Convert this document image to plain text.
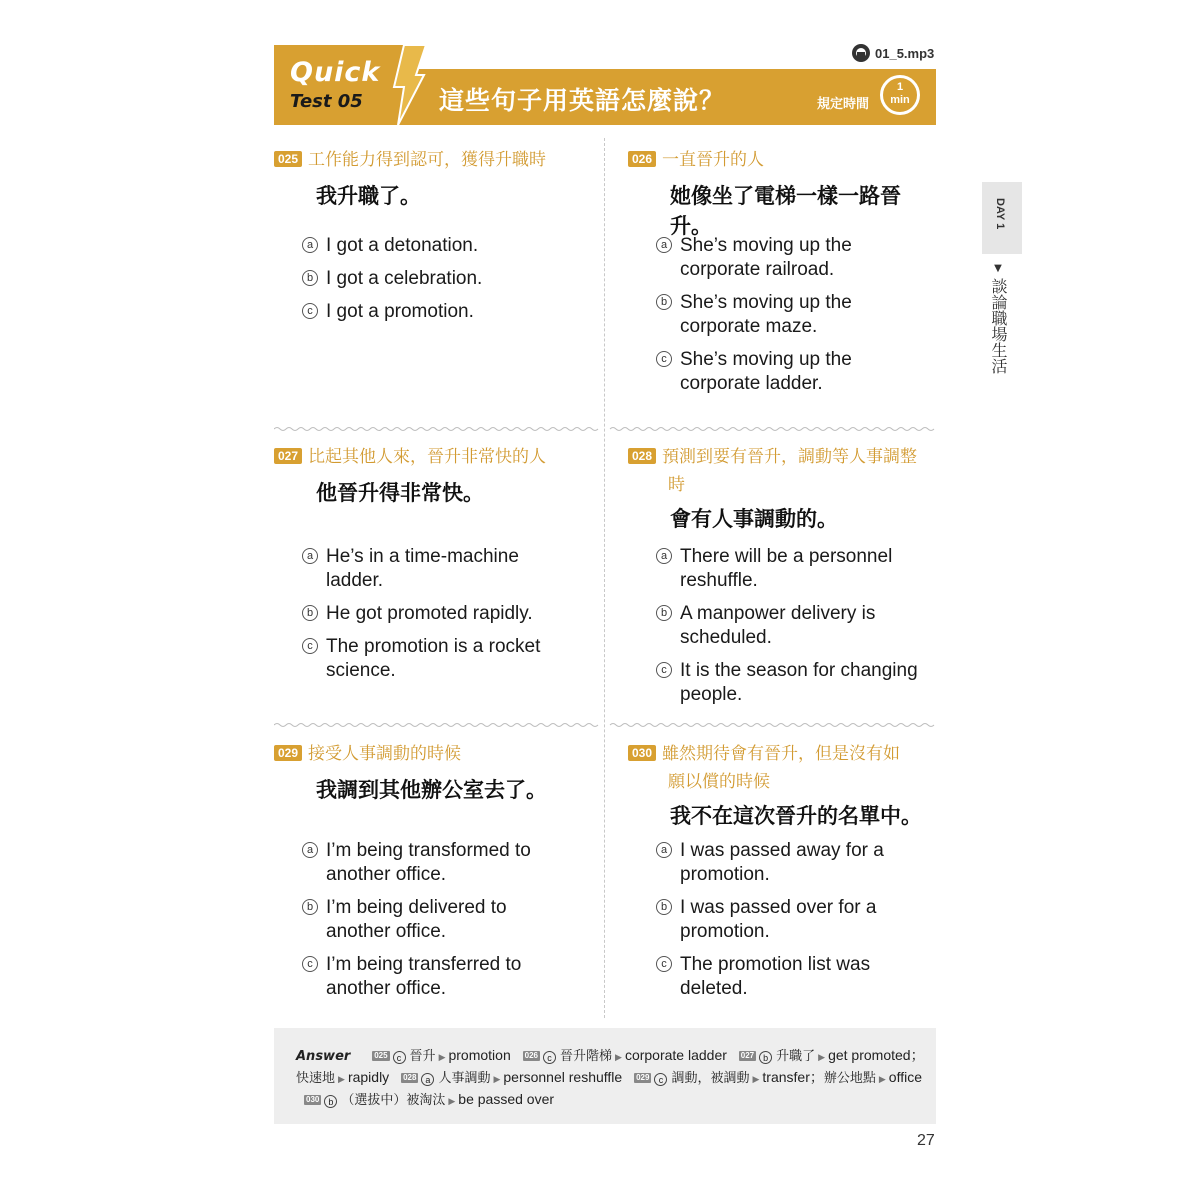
01_5.mp3
Quick
Test 05	這些句子用英語怎麼說？	規定時間
1
min
DAY 1
▼
談論職場生活
025 工作能力得到認可，獲得升職時
我升職了。
a I got a detonation.
b I got a celebration.
c I got a promotion.
026 一直晉升的人
她像坐了電梯一樣一路晉升。
a She’s moving up the
corporate railroad.
b She’s moving up the
corporate maze.
c She’s moving up the
corporate ladder.
027 比起其他人來，晉升非常快的人
他晉升得非常快。
a He’s in a time-machine
ladder.
b He got promoted rapidly.
c The promotion is a rocket
science.
028 預測到要有晉升，調動等人事調整
時
會有人事調動的。
a There will be a personnel
reshuffle.
b A manpower delivery is
scheduled.
c It is the season for changing
people.
029 接受人事調動的時候
我調到其他辦公室去了。
a I’m being transformed to
another office.
b I’m being delivered to
another office.
c I’m being transferred to
another office.
030 雖然期待會有晉升，但是沒有如
願以償的時候
我不在這次晉升的名單中。
a I was passed away for a
promotion.
b I was passed over for a
promotion.
c The promotion list was
deleted.
Answer	025 c 晉升 ▶ promotion 026 c 晉升階梯 ▶ corporate ladder 027 b 升職了 ▶ get promoted；快速地 ▶ rapidly 028 a 人事調動 ▶ personnel reshuffle 029 c 調動，被調動 ▶ transfer；辦公地點 ▶ office 030 b （選拔中）被淘汰 ▶ be passed over
27
